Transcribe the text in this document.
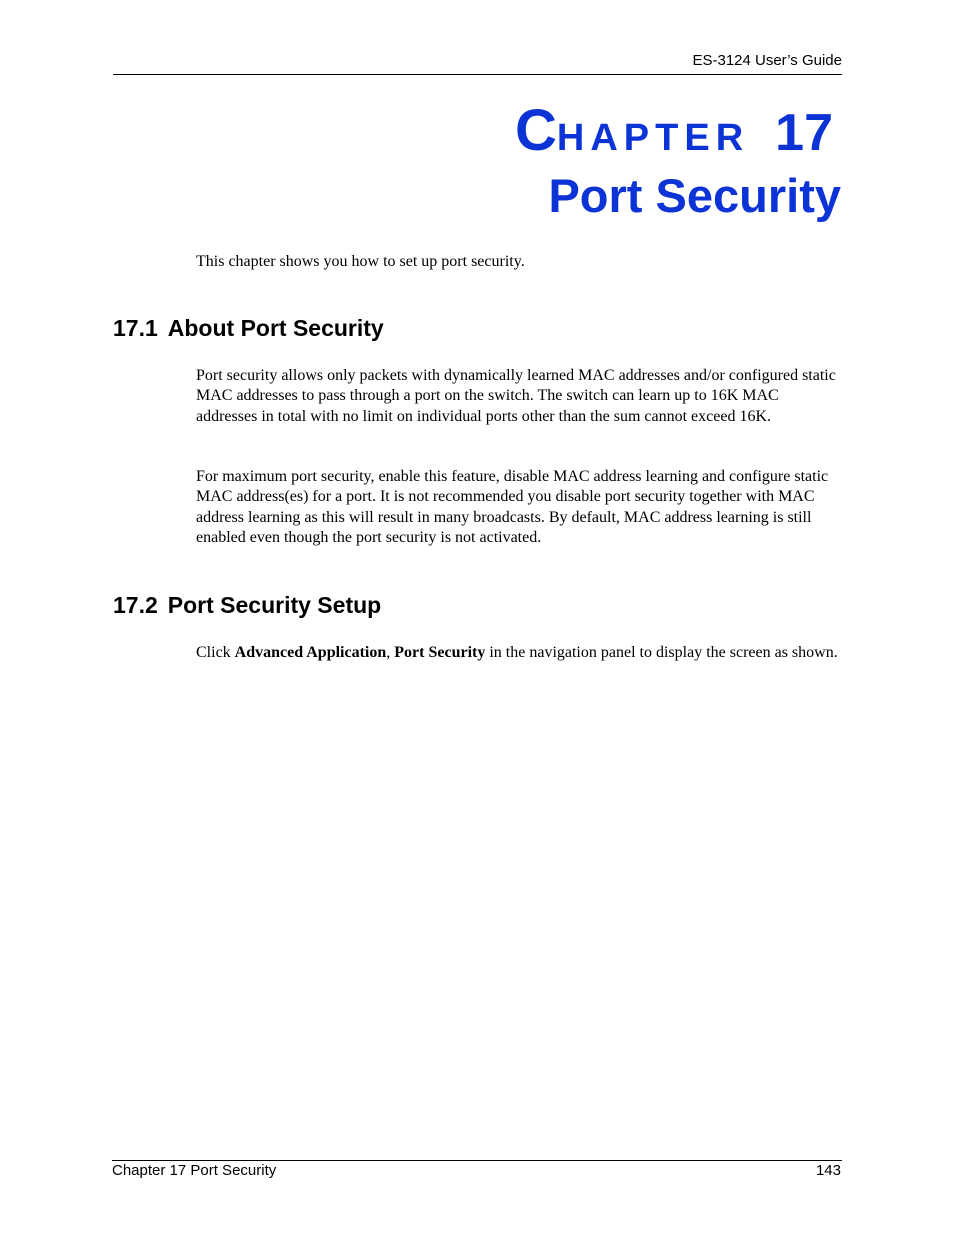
ES-3124 User’s Guide
CHAPTER 17
Port Security
This chapter shows you how to set up port security.
17.1 About Port Security
Port security allows only packets with dynamically learned MAC addresses and/or configured static MAC addresses to pass through a port on the switch. The switch can learn up to 16K MAC addresses in total with no limit on individual ports other than the sum cannot exceed 16K.
For maximum port security, enable this feature, disable MAC address learning and configure static MAC address(es) for a port. It is not recommended you disable port security together with MAC address learning as this will result in many broadcasts. By default, MAC address learning is still enabled even though the port security is not activated.
17.2 Port Security Setup
Click Advanced Application, Port Security in the navigation panel to display the screen as shown.
Chapter 17 Port Security	143
